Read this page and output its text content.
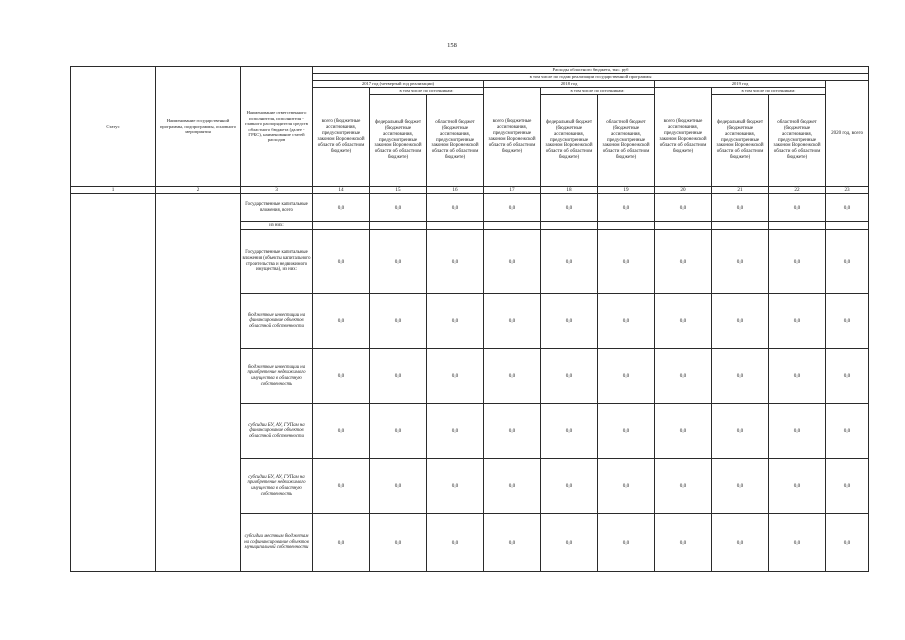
158
Статус	Наименование государственной программы, подпрограммы, основного мероприятия	Наименование ответственного исполнителя, исполнителя - главного распорядителя средств областного бюджета (далее - ГРБС), наименование статей расходов	Расходы областного бюджета, тыс. руб									
			в том числе по годам реализации государственной программы									
			2017 год (четвертый год реализации)			2018 год			2019 год			2020 год, всего
			всего (бюджетные ассигнования, предусмотренные законом Воронежской области об областном бюджете)	в том числе по источникам:		всего (бюджетные ассигнования, предусмотренные законом Воронежской области об областном бюджете)	в том числе по источникам:		всего (бюджетные ассигнования, предусмотренные законом Воронежской области об областном бюджете)	в том числе по источникам:		
				федеральный бюджет (бюджетные ассигнования, предусмотренные законом Воронежской области об областном бюджете)	областной бюджет (бюджетные ассигнования, предусмотренные законом Воронежской области об областном бюджете)		федеральный бюджет (бюджетные ассигнования, предусмотренные законом Воронежской области об областном бюджете)	областной бюджет (бюджетные ассигнования, предусмотренные законом Воронежской области об областном бюджете)		федеральный бюджет (бюджетные ассигнования, предусмотренные законом Воронежской области об областном бюджете)	областной бюджет (бюджетные ассигнования, предусмотренные законом Воронежской области об областном бюджете)	
1	2	3	14	15	16	17	18	19	20	21	22	23
		Государственные капитальные вложения, всего	0,0	0,0	0,0	0,0	0,0	0,0	0,0	0,0	0,0	0,0
		из них:										
		Государственные капитальные вложения (объекты капитального строительства и недвижимого имущества), из них:	0,0	0,0	0,0	0,0	0,0	0,0	0,0	0,0	0,0	0,0
		бюджетные инвестиции на финансирование объектов областной собственности	0,0	0,0	0,0	0,0	0,0	0,0	0,0	0,0	0,0	0,0
		бюджетные инвестиции на приобретение недвижимого имущества в областную собственность	0,0	0,0	0,0	0,0	0,0	0,0	0,0	0,0	0,0	0,0
		субсидии БУ, АУ, ГУПам на финансирование объектов областной собственности	0,0	0,0	0,0	0,0	0,0	0,0	0,0	0,0	0,0	0,0
		субсидии БУ, АУ, ГУПам на приобретение недвижимого имущества в областную собственность	0,0	0,0	0,0	0,0	0,0	0,0	0,0	0,0	0,0	0,0
		субсидии местным бюджетам на софинансирование объектов муниципальной собственности	0,0	0,0	0,0	0,0	0,0	0,0	0,0	0,0	0,0	0,0
